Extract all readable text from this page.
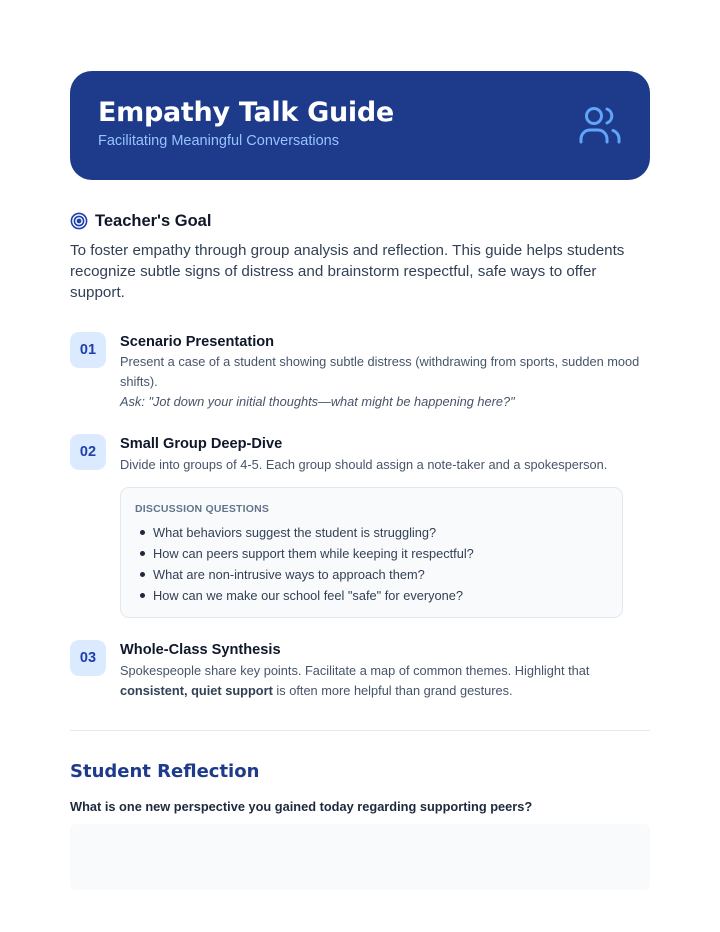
Empathy Talk Guide
Facilitating Meaningful Conversations
Teacher's Goal
To foster empathy through group analysis and reflection. This guide helps students recognize subtle signs of distress and brainstorm respectful, safe ways to offer support.
01	Scenario Presentation
Present a case of a student showing subtle distress (withdrawing from sports, sudden mood shifts).
Ask: "Jot down your initial thoughts—what might be happening here?"
02	Small Group Deep-Dive
Divide into groups of 4-5. Each group should assign a note-taker and a spokesperson.
DISCUSSION QUESTIONS
What behaviors suggest the student is struggling?
How can peers support them while keeping it respectful?
What are non-intrusive ways to approach them?
How can we make our school feel "safe" for everyone?
03	Whole-Class Synthesis
Spokespeople share key points. Facilitate a map of common themes. Highlight that consistent, quiet support is often more helpful than grand gestures.
Student Reflection
What is one new perspective you gained today regarding supporting peers?
